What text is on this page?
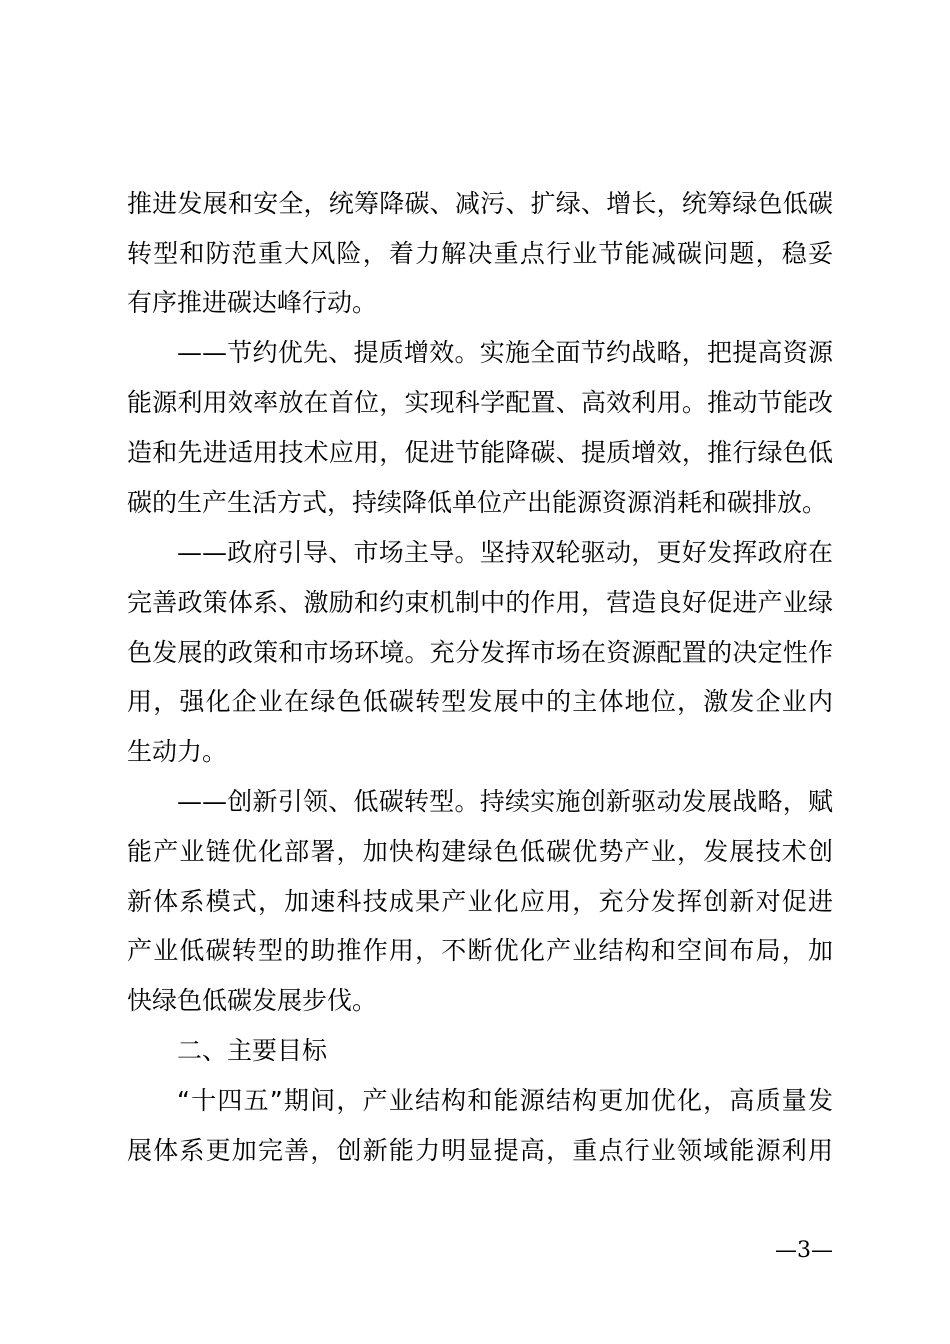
推进发展和安全，统筹降碳、减污、扩绿、增长，统筹绿色低碳
转型和防范重大风险，着力解决重点行业节能减碳问题，稳妥
有序推进碳达峰行动。
——节约优先、提质增效。实施全面节约战略，把提高资源
能源利用效率放在首位，实现科学配置、高效利用。推动节能改
造和先进适用技术应用，促进节能降碳、提质增效，推行绿色低
碳的生产生活方式，持续降低单位产出能源资源消耗和碳排放。
——政府引导、市场主导。坚持双轮驱动，更好发挥政府在
完善政策体系、激励和约束机制中的作用，营造良好促进产业绿
色发展的政策和市场环境。充分发挥市场在资源配置的决定性作
用，强化企业在绿色低碳转型发展中的主体地位，激发企业内
生动力。
——创新引领、低碳转型。持续实施创新驱动发展战略，赋
能产业链优化部署，加快构建绿色低碳优势产业，发展技术创
新体系模式，加速科技成果产业化应用，充分发挥创新对促进
产业低碳转型的助推作用，不断优化产业结构和空间布局，加
快绿色低碳发展步伐。
二、主要目标
“十四五”期间，产业结构和能源结构更加优化，高质量发
展体系更加完善，创新能力明显提高，重点行业领域能源利用
—3—
